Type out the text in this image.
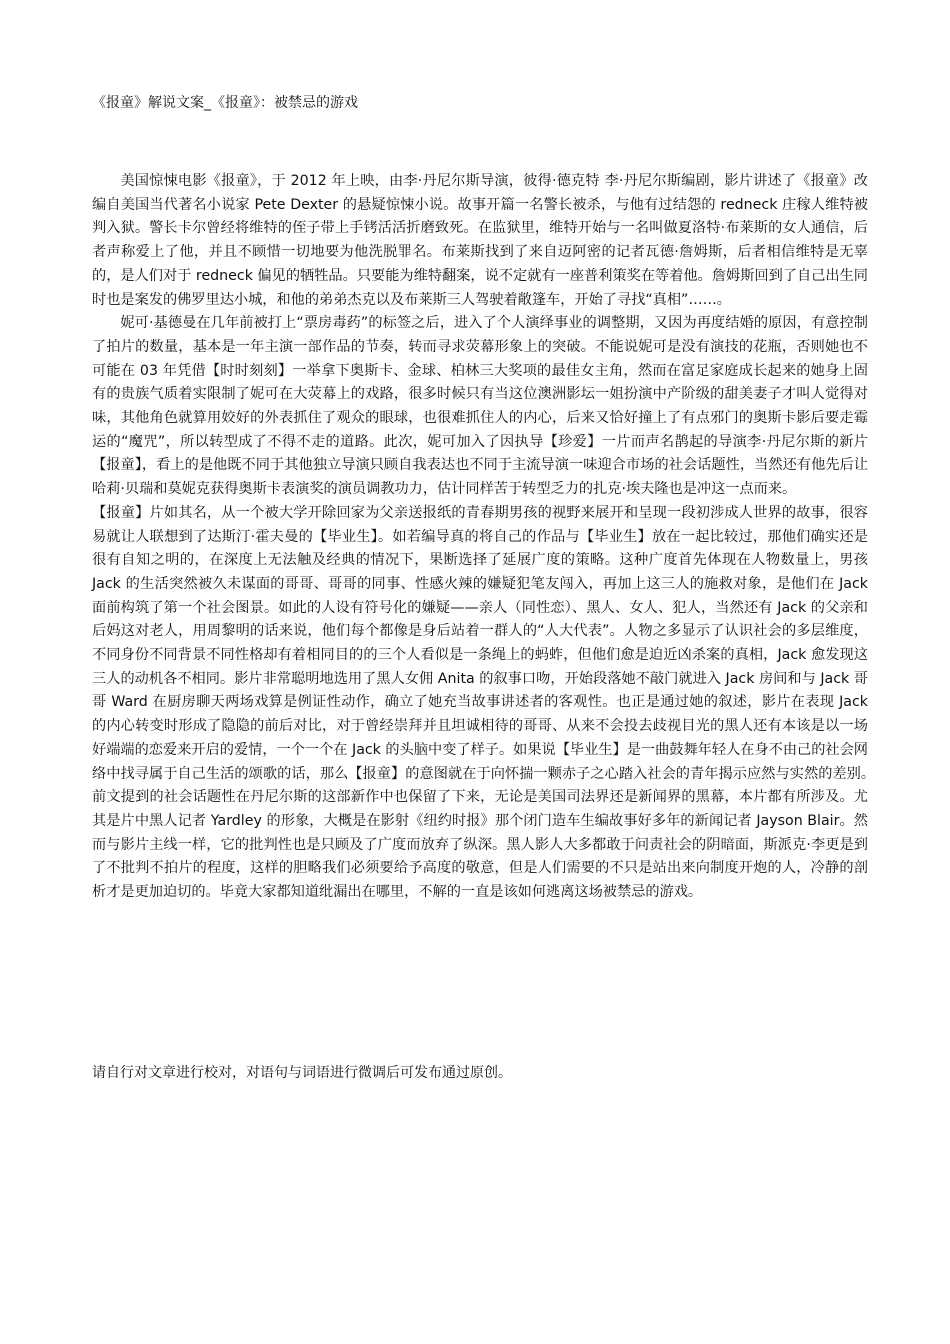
《报童》解说文案_《报童》：被禁忌的游戏

美国惊悚电影《报童》，于 2012 年上映，由李·丹尼尔斯导演，彼得·德克特 李·丹尼尔斯编剧，影片讲述了《报童》改编自美国当代著名小说家 Pete Dexter 的悬疑惊悚小说。故事开篇一名警长被杀，与他有过结怨的 redneck 庄稼人维特被判入狱。警长卡尔曾经将维特的侄子带上手铐活活折磨致死。在监狱里，维特开始与一名叫做夏洛特·布莱斯的女人通信，后者声称爱上了他，并且不顾惜一切地要为他洗脱罪名。布莱斯找到了来自迈阿密的记者瓦德·詹姆斯，后者相信维特是无辜的，是人们对于 redneck 偏见的牺牲品。只要能为维特翻案，说不定就有一座普利策奖在等着他。詹姆斯回到了自己出生同时也是案发的佛罗里达小城，和他的弟弟杰克以及布莱斯三人驾驶着敞篷车，开始了寻找“真相”……。

妮可·基德曼在几年前被打上“票房毒药”的标签之后，进入了个人演绎事业的调整期，又因为再度结婚的原因，有意控制了拍片的数量，基本是一年主演一部作品的节奏，转而寻求荧幕形象上的突破。不能说妮可是没有演技的花瓶，否则她也不可能在 03 年凭借【时时刻刻】一举拿下奥斯卡、金球、柏林三大奖项的最佳女主角，然而在富足家庭成长起来的她身上固有的贵族气质着实限制了妮可在大荧幕上的戏路，很多时候只有当这位澳洲影坛一姐扮演中产阶级的甜美妻子才叫人觉得对味，其他角色就算用姣好的外表抓住了观众的眼球，也很难抓住人的内心，后来又恰好撞上了有点邪门的奥斯卡影后要走霉运的“魔咒”，所以转型成了不得不走的道路。此次，妮可加入了因执导【珍爱】一片而声名鹊起的导演李·丹尼尔斯的新片【报童】，看上的是他既不同于其他独立导演只顾自我表达也不同于主流导演一味迎合市场的社会话题性，当然还有他先后让哈莉·贝瑞和莫妮克获得奥斯卡表演奖的演员调教功力，估计同样苦于转型乏力的扎克·埃夫隆也是冲这一点而来。

【报童】片如其名，从一个被大学开除回家为父亲送报纸的青春期男孩的视野来展开和呈现一段初涉成人世界的故事，很容易就让人联想到了达斯汀·霍夫曼的【毕业生】。如若编导真的将自己的作品与【毕业生】放在一起比较过，那他们确实还是很有自知之明的，在深度上无法触及经典的情况下，果断选择了延展广度的策略。这种广度首先体现在人物数量上，男孩 Jack 的生活突然被久未谋面的哥哥、哥哥的同事、性感火辣的嫌疑犯笔友闯入，再加上这三人的施救对象，是他们在 Jack 面前构筑了第一个社会图景。如此的人设有符号化的嫌疑——亲人（同性恋）、黑人、女人、犯人，当然还有 Jack 的父亲和后妈这对老人，用周黎明的话来说，他们每个都像是身后站着一群人的“人大代表”。人物之多显示了认识社会的多层维度，不同身份不同背景不同性格却有着相同目的的三个人看似是一条绳上的蚂蚱，但他们愈是迫近凶杀案的真相，Jack 愈发现这三人的动机各不相同。影片非常聪明地选用了黑人女佣 Anita 的叙事口吻，开始段落她不敲门就进入 Jack 房间和与 Jack 哥哥 Ward 在厨房聊天两场戏算是例证性动作，确立了她充当故事讲述者的客观性。也正是通过她的叙述，影片在表现 Jack 的内心转变时形成了隐隐的前后对比，对于曾经崇拜并且坦诚相待的哥哥、从来不会投去歧视目光的黑人还有本该是以一场好端端的恋爱来开启的爱情，一个一个在 Jack 的头脑中变了样子。如果说【毕业生】是一曲鼓舞年轻人在身不由己的社会网络中找寻属于自己生活的颂歌的话，那么【报童】的意图就在于向怀揣一颗赤子之心踏入社会的青年揭示应然与实然的差别。　前文提到的社会话题性在丹尼尔斯的这部新作中也保留了下来，无论是美国司法界还是新闻界的黑幕，本片都有所涉及。尤其是片中黑人记者 Yardley 的形象，大概是在影射《纽约时报》那个闭门造车生编故事好多年的新闻记者 Jayson Blair。然而与影片主线一样，它的批判性也是只顾及了广度而放弃了纵深。黑人影人大多都敢于问责社会的阴暗面，斯派克·李更是到了不批判不拍片的程度，这样的胆略我们必须要给予高度的敬意，但是人们需要的不只是站出来向制度开炮的人，冷静的剖析才是更加迫切的。毕竟大家都知道纰漏出在哪里，不解的一直是该如何逃离这场被禁忌的游戏。

请自行对文章进行校对，对语句与词语进行微调后可发布通过原创。
